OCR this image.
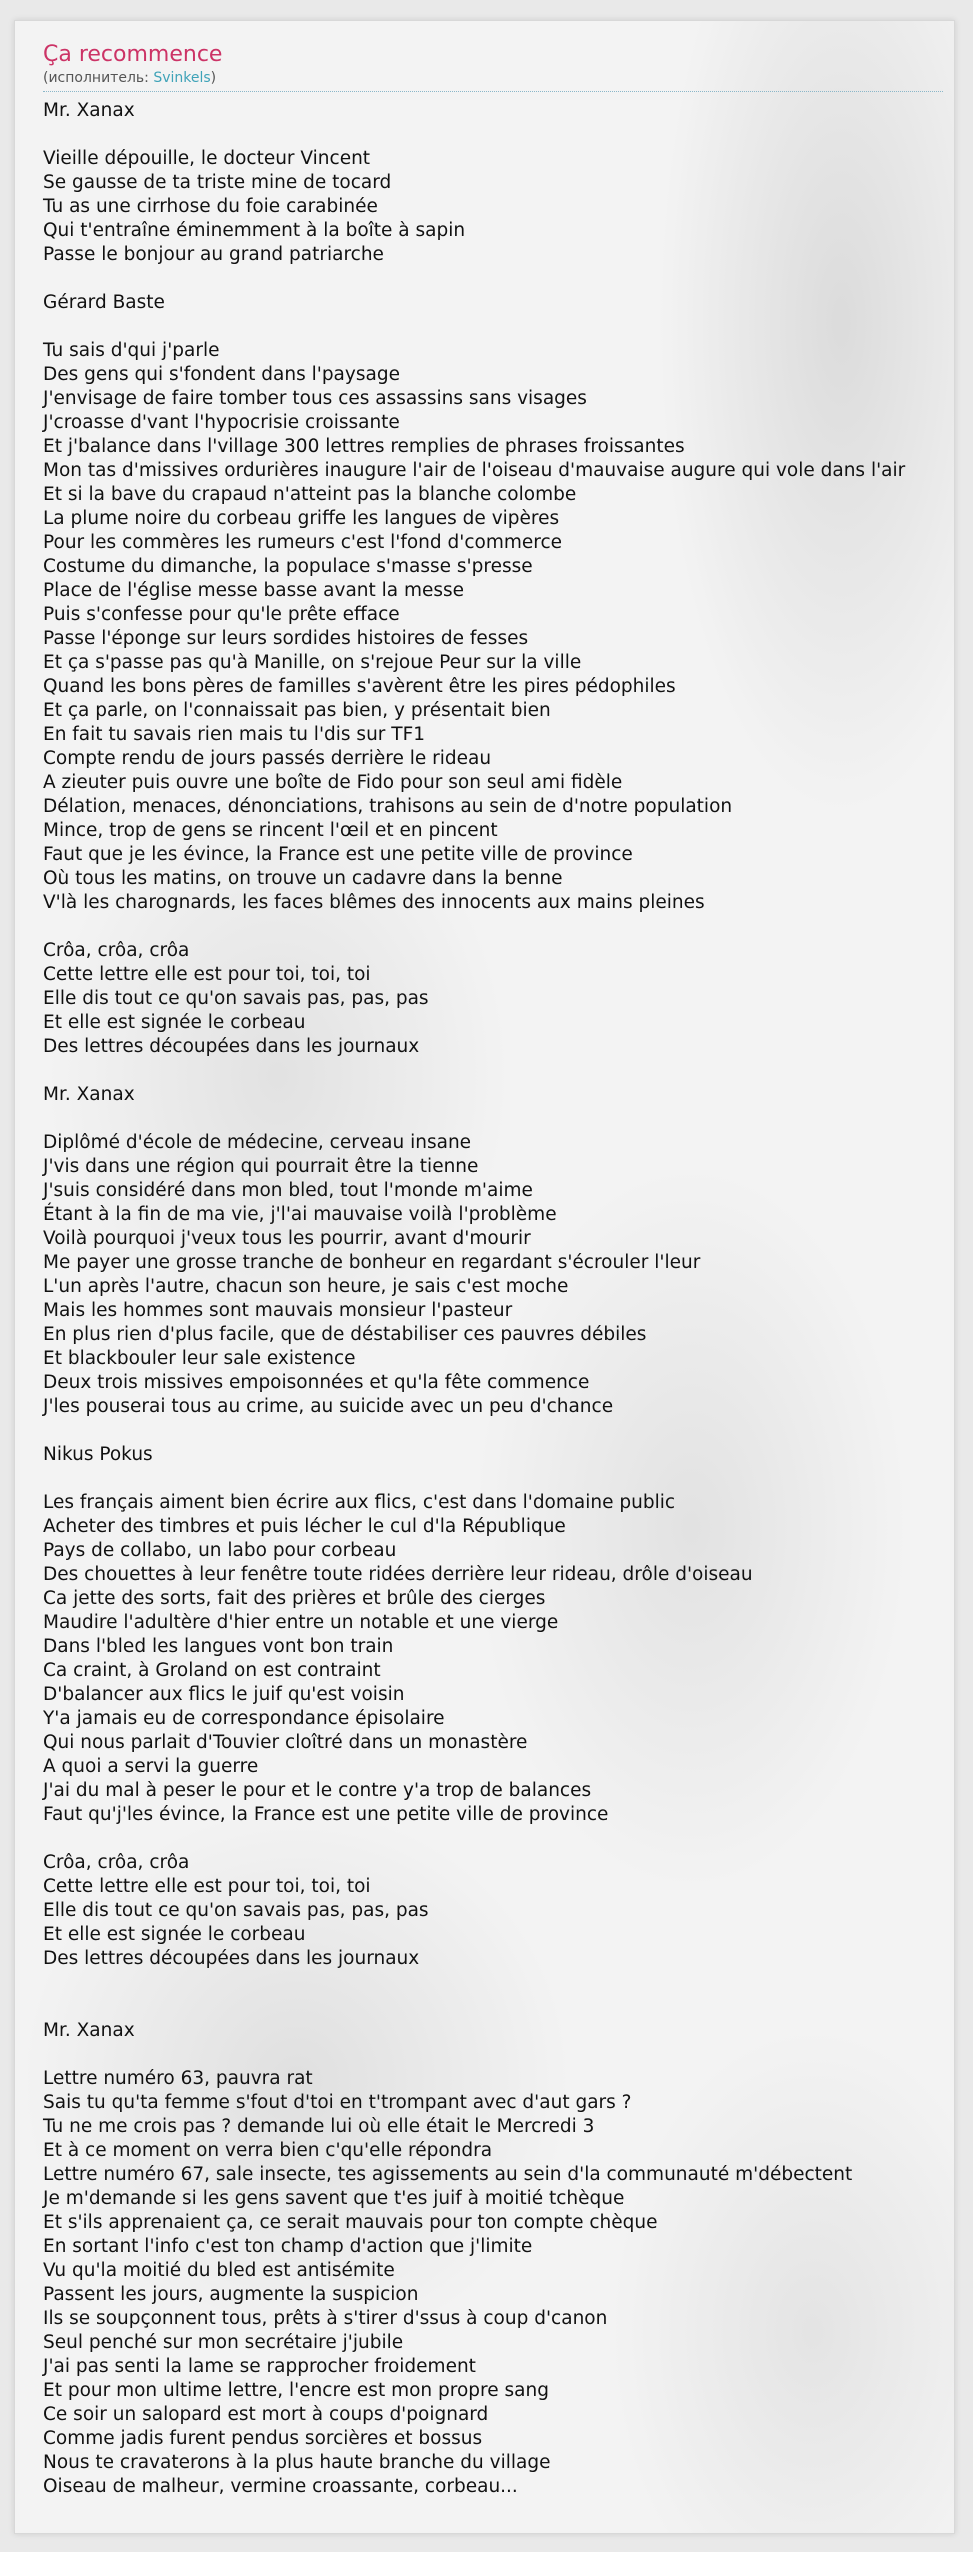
Ça recommence
(исполнитель: Svinkels)
Mr. Xanax
Vieille dépouille, le docteur Vincent
Se gausse de ta triste mine de tocard
Tu as une cirrhose du foie carabinée
Qui t'entraîne éminemment à la boîte à sapin
Passe le bonjour au grand patriarche
Gérard Baste
Tu sais d'qui j'parle
Des gens qui s'fondent dans l'paysage
J'envisage de faire tomber tous ces assassins sans visages
J'croasse d'vant l'hypocrisie croissante
Et j'balance dans l'village 300 lettres remplies de phrases froissantes
Mon tas d'missives ordurières inaugure l'air de l'oiseau d'mauvaise augure qui vole dans l'air
Et si la bave du crapaud n'atteint pas la blanche colombe
La plume noire du corbeau griffe les langues de vipères
Pour les commères les rumeurs c'est l'fond d'commerce
Costume du dimanche, la populace s'masse s'presse
Place de l'église messe basse avant la messe
Puis s'confesse pour qu'le prête efface
Passe l'éponge sur leurs sordides histoires de fesses
Et ça s'passe pas qu'à Manille, on s'rejoue Peur sur la ville
Quand les bons pères de familles s'avèrent être les pires pédophiles
Et ça parle, on l'connaissait pas bien, y présentait bien
En fait tu savais rien mais tu l'dis sur TF1
Compte rendu de jours passés derrière le rideau
A zieuter puis ouvre une boîte de Fido pour son seul ami fidèle
Délation, menaces, dénonciations, trahisons au sein de d'notre population
Mince, trop de gens se rincent l'œil et en pincent
Faut que je les évince, la France est une petite ville de province
Où tous les matins, on trouve un cadavre dans la benne
V'là les charognards, les faces blêmes des innocents aux mains pleines
Crôa, crôa, crôa
Cette lettre elle est pour toi, toi, toi
Elle dis tout ce qu'on savais pas, pas, pas
Et elle est signée le corbeau
Des lettres découpées dans les journaux
Mr. Xanax
Diplômé d'école de médecine, cerveau insane
J'vis dans une région qui pourrait être la tienne
J'suis considéré dans mon bled, tout l'monde m'aime
Étant à la fin de ma vie, j'l'ai mauvaise voilà l'problème
Voilà pourquoi j'veux tous les pourrir, avant d'mourir
Me payer une grosse tranche de bonheur en regardant s'écrouler l'leur
L'un après l'autre, chacun son heure, je sais c'est moche
Mais les hommes sont mauvais monsieur l'pasteur
En plus rien d'plus facile, que de déstabiliser ces pauvres débiles
Et blackbouler leur sale existence
Deux trois missives empoisonnées et qu'la fête commence
J'les pouserai tous au crime, au suicide avec un peu d'chance
Nikus Pokus
Les français aiment bien écrire aux flics, c'est dans l'domaine public
Acheter des timbres et puis lécher le cul d'la République
Pays de collabo, un labo pour corbeau
Des chouettes à leur fenêtre toute ridées derrière leur rideau, drôle d'oiseau
Ca jette des sorts, fait des prières et brûle des cierges
Maudire l'adultère d'hier entre un notable et une vierge
Dans l'bled les langues vont bon train
Ca craint, à Groland on est contraint
D'balancer aux flics le juif qu'est voisin
Y'a jamais eu de correspondance épisolaire
Qui nous parlait d'Touvier cloîtré dans un monastère
A quoi a servi la guerre
J'ai du mal à peser le pour et le contre y'a trop de balances
Faut qu'j'les évince, la France est une petite ville de province
Crôa, crôa, crôa
Cette lettre elle est pour toi, toi, toi
Elle dis tout ce qu'on savais pas, pas, pas
Et elle est signée le corbeau
Des lettres découpées dans les journaux
Mr. Xanax
Lettre numéro 63, pauvra rat
Sais tu qu'ta femme s'fout d'toi en t'trompant avec d'aut gars ?
Tu ne me crois pas ? demande lui où elle était le Mercredi 3
Et à ce moment on verra bien c'qu'elle répondra
Lettre numéro 67, sale insecte, tes agissements au sein d'la communauté m'débectent
Je m'demande si les gens savent que t'es juif à moitié tchèque
Et s'ils apprenaient ça, ce serait mauvais pour ton compte chèque
En sortant l'info c'est ton champ d'action que j'limite
Vu qu'la moitié du bled est antisémite
Passent les jours, augmente la suspicion
Ils se soupçonnent tous, prêts à s'tirer d'ssus à coup d'canon
Seul penché sur mon secrétaire j'jubile
J'ai pas senti la lame se rapprocher froidement
Et pour mon ultime lettre, l'encre est mon propre sang
Ce soir un salopard est mort à coups d'poignard
Comme jadis furent pendus sorcières et bossus
Nous te cravaterons à la plus haute branche du village
Oiseau de malheur, vermine croassante, corbeau...
